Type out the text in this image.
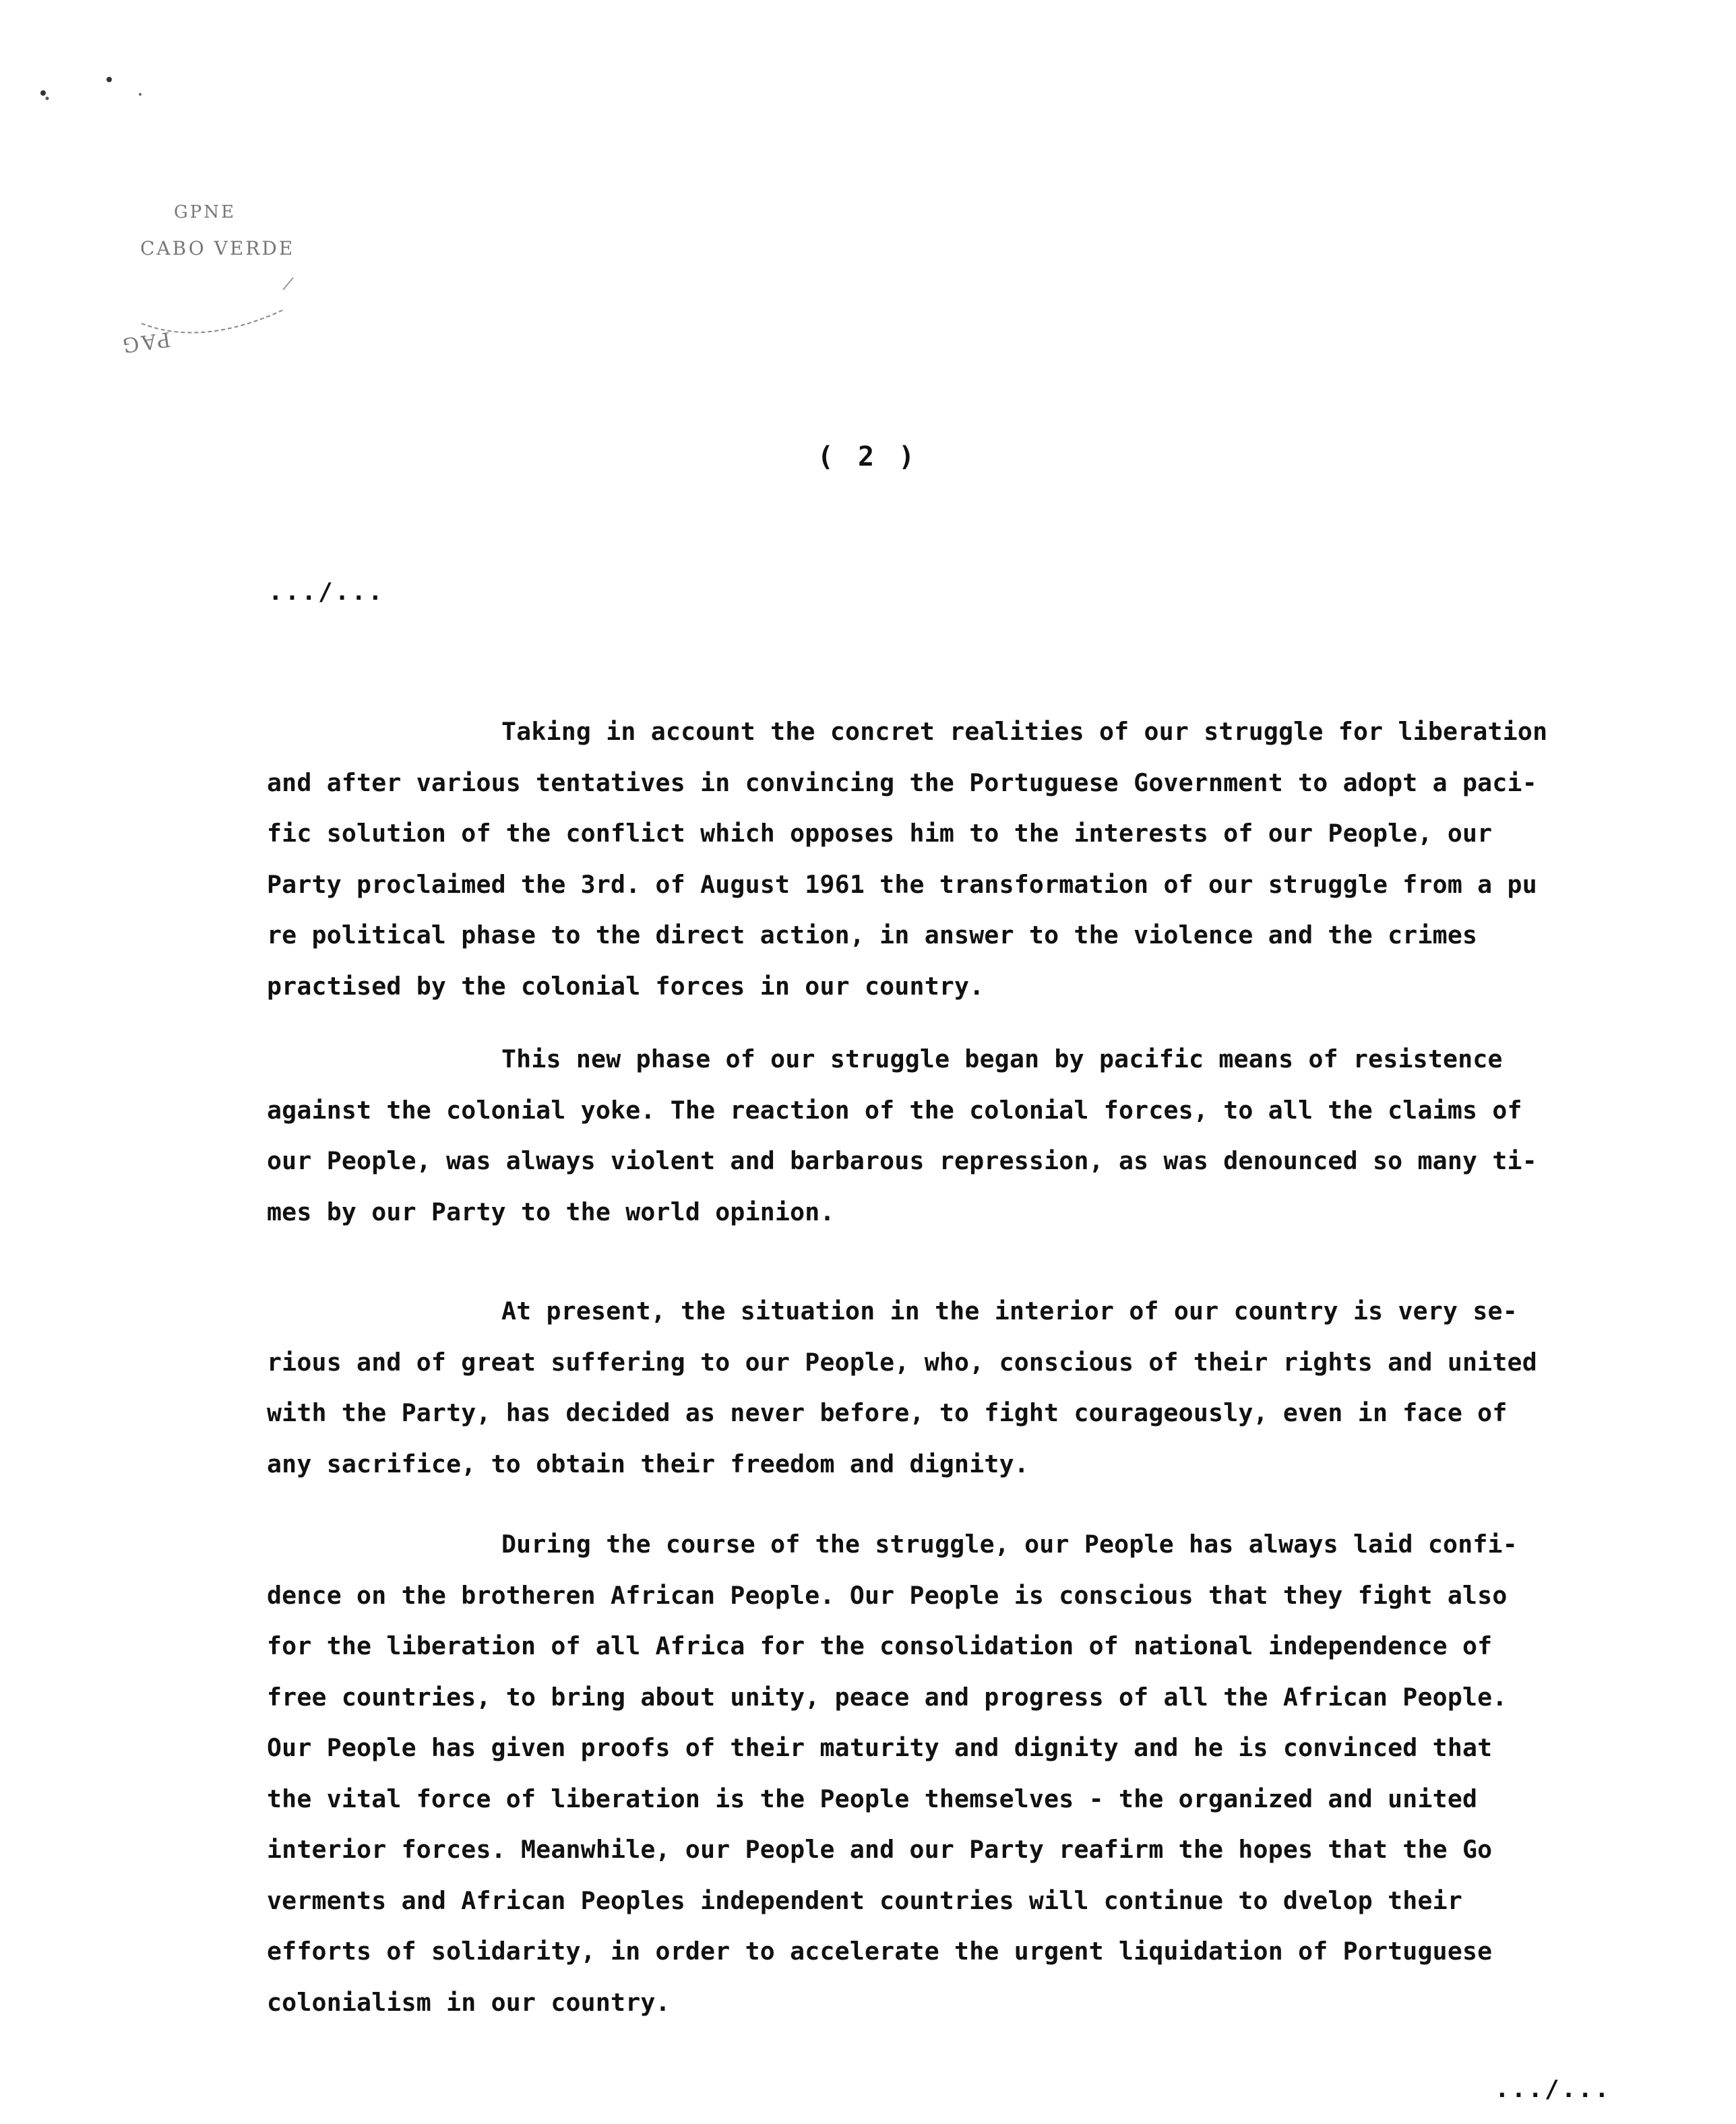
GPNE
CABO VERDE
PAG
( 2 )
.../...

Taking in account the concret realities of our struggle for liberation
and after various tentatives in convincing the Portuguese Government to adopt a paci-
fic solution of the conflict which opposes him to the interests of our People, our
Party proclaimed the 3rd. of August 1961 the transformation of our struggle from a pu
re political phase to the direct action, in answer to the violence and the crimes
practised by the colonial forces in our country.

This new phase of our struggle began by pacific means of resistence
against the colonial yoke. The reaction of the colonial forces, to all the claims of
our People, was always violent and barbarous repression, as was denounced so many ti-
mes by our Party to the world opinion.

At present, the situation in the interior of our country is very se-
rious and of great suffering to our People, who, conscious of their rights and united
with the Party, has decided as never before, to fight courageously, even in face of
any sacrifice, to obtain their freedom and dignity.

During the course of the struggle, our People has always laid confi-
dence on the brotheren African People. Our People is conscious that they fight also
for the liberation of all Africa for the consolidation of national independence of
free countries, to bring about unity, peace and progress of all the African People.
Our People has given proofs of their maturity and dignity and he is convinced that
the vital force of liberation is the People themselves - the organized and united
interior forces. Meanwhile, our People and our Party reafirm the hopes that the Go
verments and African Peoples independent countries will continue to dvelop their
efforts of solidarity, in order to accelerate the urgent liquidation of Portuguese
colonialism in our country.

.../...
